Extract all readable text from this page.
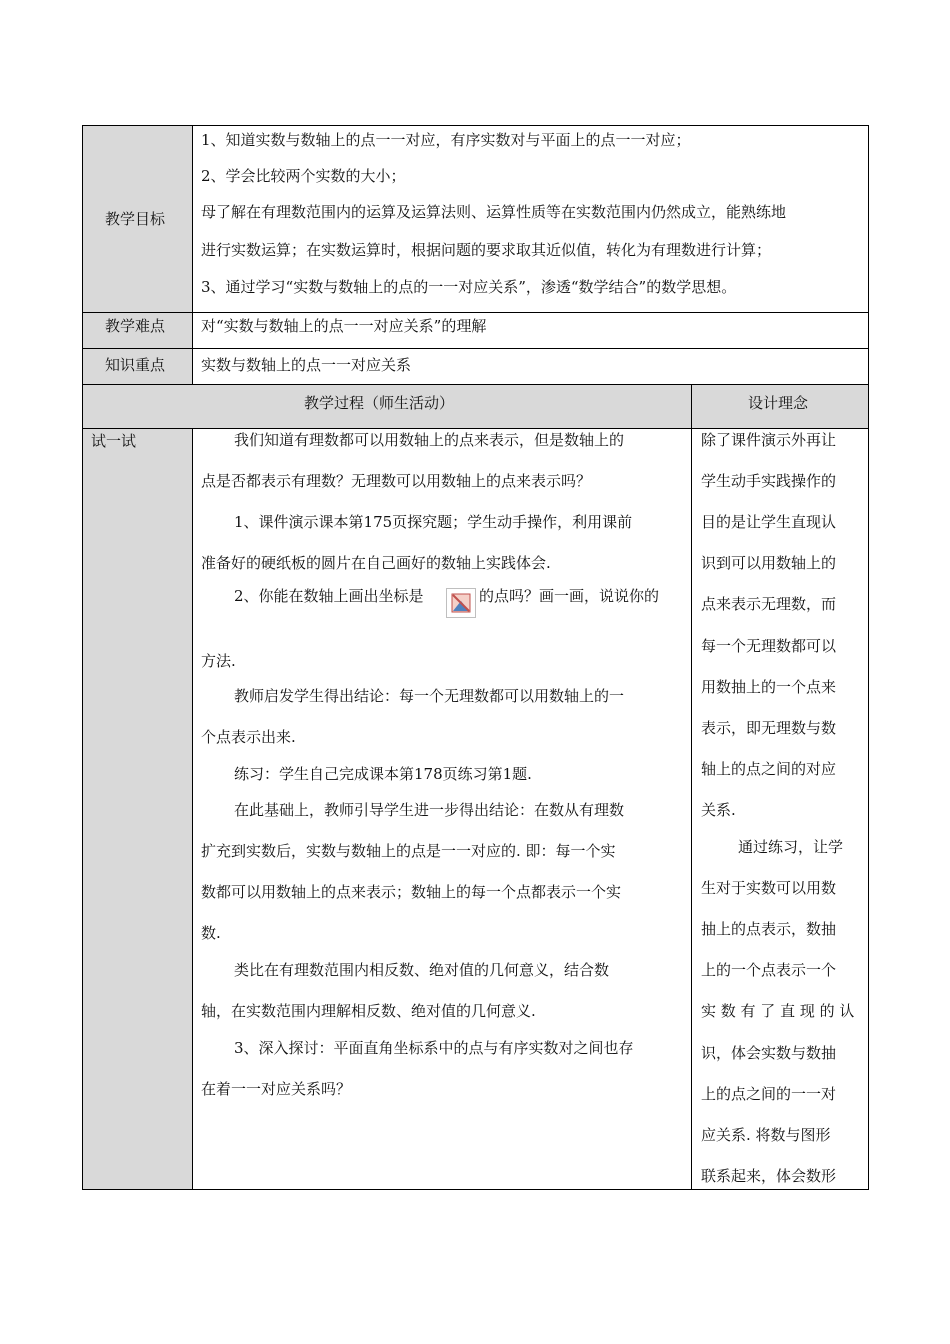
教学目标
教学难点
知识重点
教学过程（师生活动）	设计理念
试一试
1、知道实数与数轴上的点一一对应，有序实数对与平面上的点一一对应；
2、学会比较两个实数的大小；
母了解在有理数范围内的运算及运算法则、运算性质等在实数范围内仍然成立，能熟练地
进行实数运算；在实数运算时，根据问题的要求取其近似值，转化为有理数进行计算；
3、通过学习“实数与数轴上的点的一一对应关系”，渗透“数学结合”的数学思想。
对“实数与数轴上的点一一对应关系”的理解
实数与数轴上的点一一对应关系
我们知道有理数都可以用数轴上的点来表示，但是数轴上的
点是否都表示有理数？无理数可以用数轴上的点来表示吗？
1、课件演示课本第175页探究题；学生动手操作，利用课前
准备好的硬纸板的圆片在自己画好的数轴上实践体会.
2、你能在数轴上画出坐标是	的点吗？画一画，说说你的
方法.
教师启发学生得出结论：每一个无理数都可以用数轴上的一
个点表示出来.
练习：学生自己完成课本第178页练习第1题.
在此基础上，教师引导学生进一步得出结论：在数从有理数
扩充到实数后，实数与数轴上的点是一一对应的. 即：每一个实
数都可以用数轴上的点来表示；数轴上的每一个点都表示一个实
数.
类比在有理数范围内相反数、绝对值的几何意义，结合数
轴，在实数范围内理解相反数、绝对值的几何意义.
3、深入探讨：平面直角坐标系中的点与有序实数对之间也存
在着一一对应关系吗？
除了课件演示外再让
学生动手实践操作的
目的是让学生直现认
识到可以用数轴上的
点来表示无理数，而
每一个无理数都可以
用数抽上的一个点来
表示，即无理数与数
轴上的点之间的对应
关系.
通过练习，让学
生对于实数可以用数
抽上的点表示，数抽
上的一个点表示一个
实 数 有 了 直 现 的 认
识，体会实数与数抽
上的点之间的一一对
应关系. 将数与图形
联系起来，体会数形
